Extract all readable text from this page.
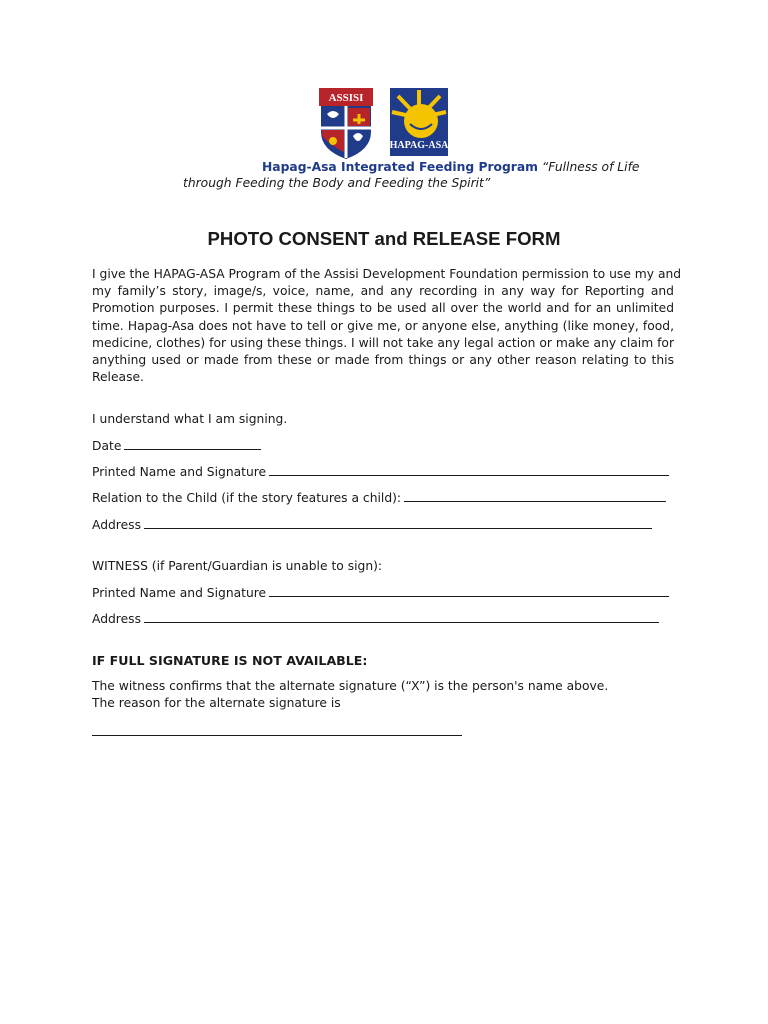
ASSISI
HAPAG-ASA
Hapag-Asa Integrated Feeding Program “Fullness of Life
through Feeding the Body and Feeding the Spirit”
PHOTO CONSENT and RELEASE FORM
I give the HAPAG-ASA Program of the Assisi Development Foundation permission to use my and
my family’s story, image/s, voice, name, and any recording in any way for Reporting and
Promotion purposes. I permit these things to be used all over the world and for an unlimited
time. Hapag-Asa does not have to tell or give me, or anyone else, anything (like money, food,
medicine, clothes) for using these things. I will not take any legal action or make any claim for
anything used or made from these or made from things or any other reason relating to this
Release.
I understand what I am signing.
Date
Printed Name and Signature
Relation to the Child (if the story features a child):
Address
WITNESS (if Parent/Guardian is unable to sign):
Printed Name and Signature
Address
IF FULL SIGNATURE IS NOT AVAILABLE:
The witness confirms that the alternate signature (“X”) is the person's name above.
The reason for the alternate signature is
